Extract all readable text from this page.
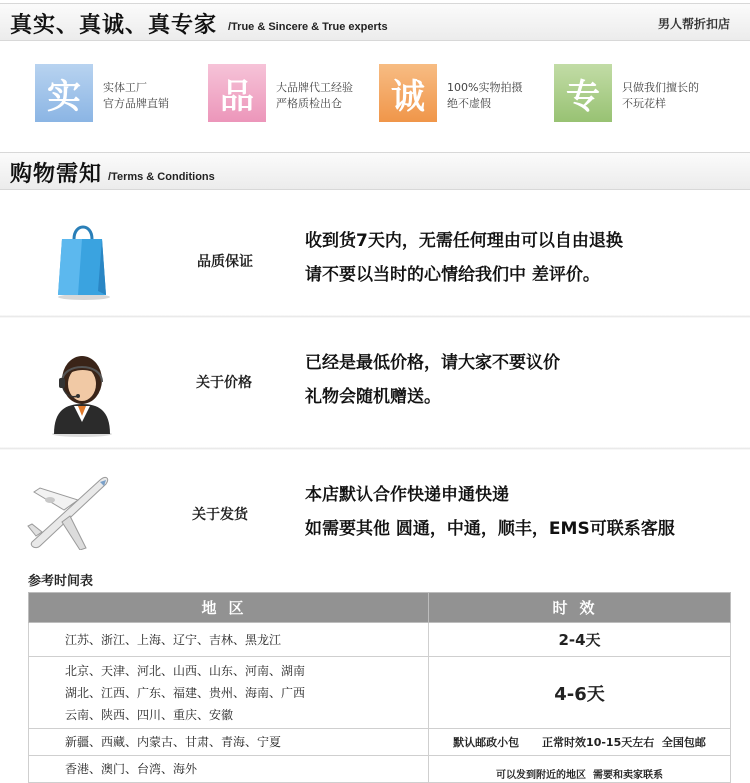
真实、真诚、真专家 /True & Sincere & True experts	男人帮折扣店
实	实体工厂
官方品牌直销	品	大品牌代工经验
严格质检出仓	诚	100%实物拍摄
绝不虚假	专	只做我们擅长的
不玩花样
购物需知 /Terms & Conditions
品质保证
收到货7天内，无需任何理由可以自由退换
请不要以当时的心情给我们中 差评价。
关于价格
已经是最低价格，请大家不要议价
礼物会随机赠送。
关于发货
本店默认合作快递申通快递
如需要其他 圆通，中通，顺丰，EMS可联系客服
参考时间表
地区	时效

江苏、浙江、上海、辽宁、吉林、黑龙江	2-4天

北京、天津、河北、山西、山东、河南、湖南
湖北、江西、广东、福建、贵州、海南、广西
云南、陕西、四川、重庆、安徽	4-6天

新疆、西藏、内蒙古、甘肃、青海、宁夏	默认邮政小包      正常时效10-15天左右  全国包邮

香港、澳门、台湾、海外	可以发到附近的地区  需要和卖家联系
